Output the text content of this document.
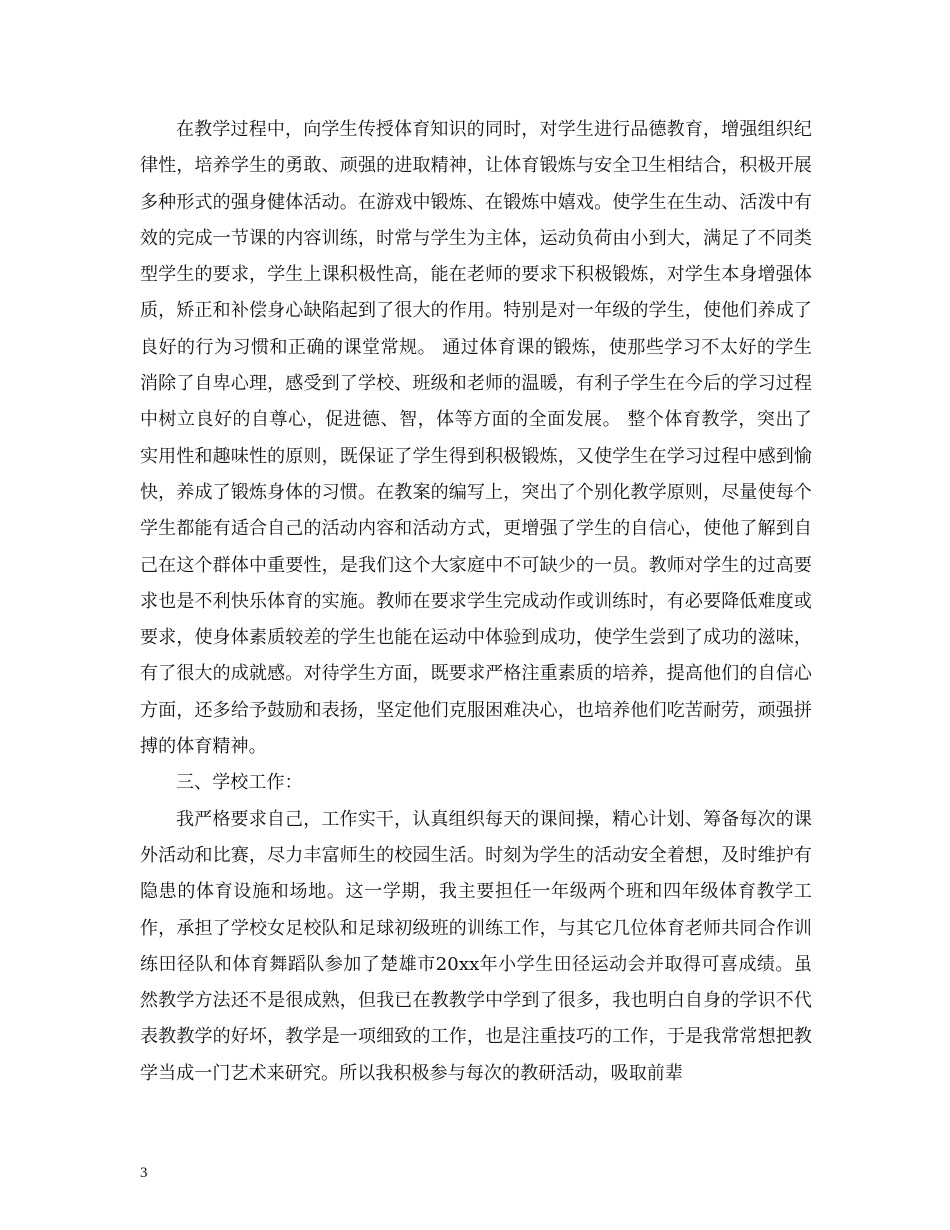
在教学过程中，向学生传授体育知识的同时，对学生进行品德教育，增强组织纪律性，培养学生的勇敢、顽强的进取精神，让体育锻炼与安全卫生相结合，积极开展多种形式的强身健体活动。在游戏中锻炼、在锻炼中嬉戏。使学生在生动、活泼中有效的完成一节课的内容训练，时常与学生为主体，运动负荷由小到大，满足了不同类型学生的要求，学生上课积极性高，能在老师的要求下积极锻炼，对学生本身增强体质，矫正和补偿身心缺陷起到了很大的作用。特别是对一年级的学生，使他们养成了良好的行为习惯和正确的课堂常规。 通过体育课的锻炼，使那些学习不太好的学生消除了自卑心理，感受到了学校、班级和老师的温暖，有利子学生在今后的学习过程中树立良好的自尊心，促进德、智，体等方面的全面发展。 整个体育教学，突出了实用性和趣味性的原则，既保证了学生得到积极锻炼，又使学生在学习过程中感到愉快，养成了锻炼身体的习惯。在教案的编写上，突出了个别化教学原则，尽量使每个学生都能有适合自己的活动内容和活动方式，更增强了学生的自信心，使他了解到自己在这个群体中重要性，是我们这个大家庭中不可缺少的一员。教师对学生的过高要求也是不利快乐体育的实施。教师在要求学生完成动作或训练时，有必要降低难度或要求，使身体素质较差的学生也能在运动中体验到成功，使学生尝到了成功的滋味，有了很大的成就感。对待学生方面，既要求严格注重素质的培养，提高他们的自信心方面，还多给予鼓励和表扬，坚定他们克服困难决心，也培养他们吃苦耐劳，顽强拼搏的体育精神。

三、学校工作：

我严格要求自己，工作实干，认真组织每天的课间操，精心计划、筹备每次的课外活动和比赛，尽力丰富师生的校园生活。时刻为学生的活动安全着想，及时维护有隐患的体育设施和场地。这一学期，我主要担任一年级两个班和四年级体育教学工作，承担了学校女足校队和足球初级班的训练工作，与其它几位体育老师共同合作训练田径队和体育舞蹈队参加了楚雄市20xx年小学生田径运动会并取得可喜成绩。虽然教学方法还不是很成熟，但我已在教教学中学到了很多，我也明白自身的学识不代表教教学的好坏，教学是一项细致的工作，也是注重技巧的工作，于是我常常想把教学当成一门艺术来研究。所以我积极参与每次的教研活动，吸取前辈

3
